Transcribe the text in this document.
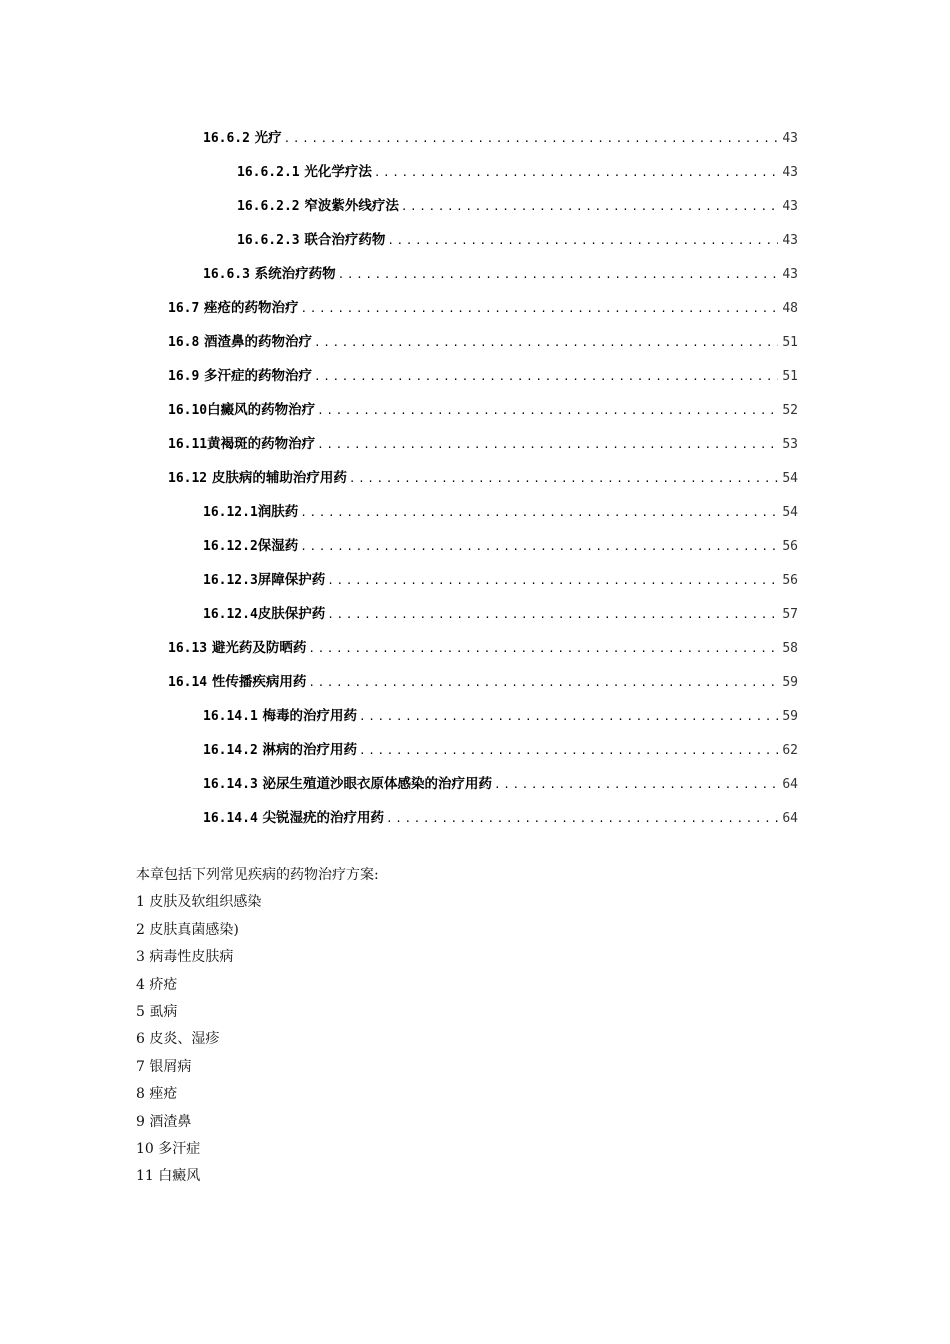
16.6.2 光疗 .....	43
16.6.2.1 光化学疗法 .....	43
16.6.2.2 窄波紫外线疗法 .....	43
16.6.2.3 联合治疗药物 .....	43
16.6.3 系统治疗药物 .....	43
16.7 痤疮的药物治疗 .....	48
16.8 酒渣鼻的药物治疗 .....	51
16.9 多汗症的药物治疗 .....	51
16.10白癜风的药物治疗 .....	52
16.11黄褐斑的药物治疗 .....	53
16.12 皮肤病的辅助治疗用药 .....	54
16.12.1润肤药 .....	54
16.12.2保湿药 .....	56
16.12.3屏障保护药 .....	56
16.12.4皮肤保护药 .....	57
16.13 避光药及防晒药 .....	58
16.14 性传播疾病用药 .....	59
16.14.1 梅毒的治疗用药 .....	59
16.14.2 淋病的治疗用药 .....	62
16.14.3 泌尿生殖道沙眼衣原体感染的治疗用药 .....	64
16.14.4 尖锐湿疣的治疗用药 .....	64
本章包括下列常见疾病的药物治疗方案:
1 皮肤及软组织感染
2 皮肤真菌感染)
3 病毒性皮肤病
4 疥疮
5 虱病
6 皮炎、湿疹
7 银屑病
8 痤疮
9 酒渣鼻
10 多汗症
11 白癜风
